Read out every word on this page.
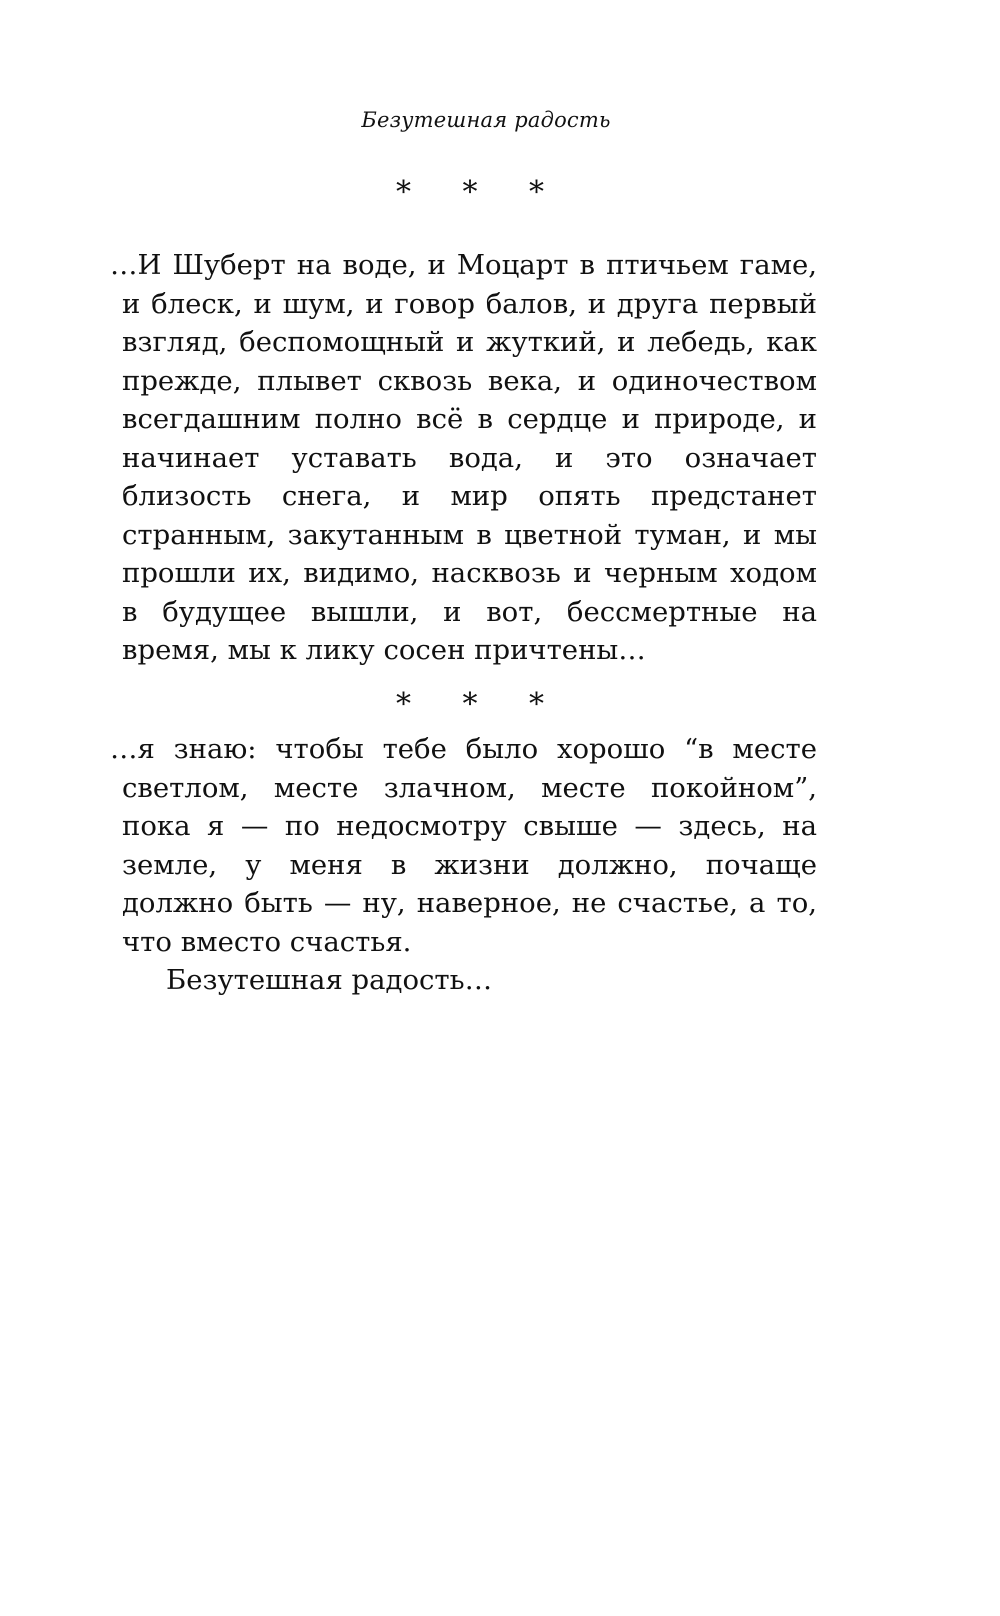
Безутешная радость
* * *

…И Шуберт на воде, и Моцарт в птичьем гаме, и блеск, и шум, и говор балов, и друга первый взгляд, беспомощный и жуткий, и лебедь, как прежде, плывет сквозь века, и одиночеством всегдашним полно всё в сердце и природе, и начинает уставать вода, и это означает близость снега, и мир опять предстанет странным, закутанным в цветной туман, и мы прошли их, видимо, насквозь и черным ходом в будущее вышли, и вот, бессмертные на время, мы к лику сосен причтены…

* * *

…я знаю: чтобы тебе было хорошо “в месте светлом, месте злачном, месте покойном”, пока я — по недосмотру свыше — здесь, на земле, у меня в жизни должно, почаще должно быть — ну, наверное, не счастье, а то, что вместо счастья.

Безутешная радость…
